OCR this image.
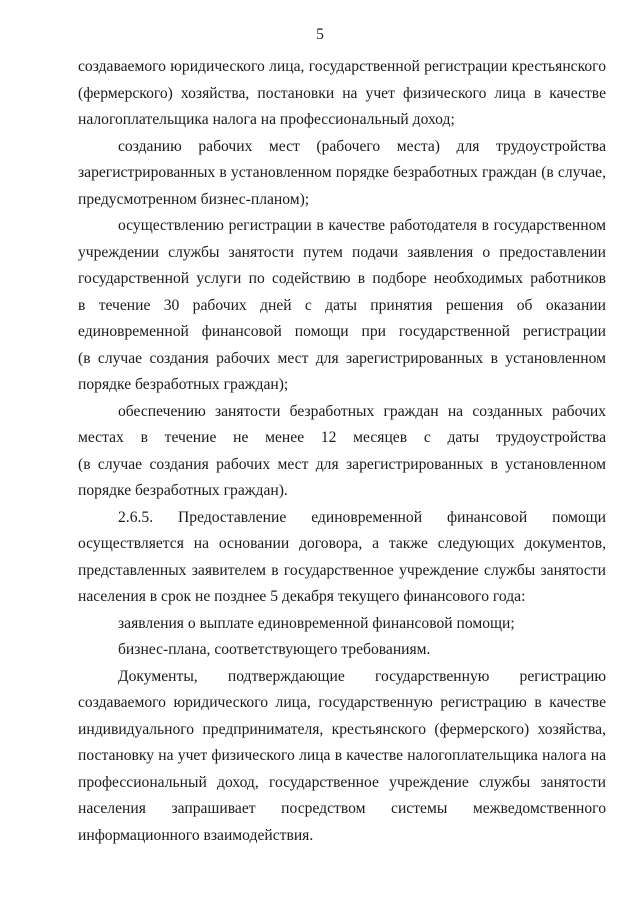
5
создаваемого юридического лица, государственной регистрации крестьянского
(фермерского) хозяйства, постановки на учет физического лица в качестве
налогоплательщика налога на профессиональный доход;
созданию рабочих мест (рабочего места) для трудоустройства
зарегистрированных в установленном порядке безработных граждан (в случае,
предусмотренном бизнес-планом);
осуществлению регистрации в качестве работодателя в государственном
учреждении службы занятости путем подачи заявления о предоставлении
государственной услуги по содействию в подборе необходимых работников
в течение 30 рабочих дней с даты принятия решения об оказании
единовременной финансовой помощи при государственной регистрации
(в случае создания рабочих мест для зарегистрированных в установленном
порядке безработных граждан);
обеспечению занятости безработных граждан на созданных рабочих
местах в течение не менее 12 месяцев с даты трудоустройства
(в случае создания рабочих мест для зарегистрированных в установленном
порядке безработных граждан).
2.6.5. Предоставление единовременной финансовой помощи
осуществляется на основании договора, а также следующих документов,
представленных заявителем в государственное учреждение службы занятости
населения в срок не позднее 5 декабря текущего финансового года:
заявления о выплате единовременной финансовой помощи;
бизнес-плана, соответствующего требованиям.
Документы, подтверждающие государственную регистрацию
создаваемого юридического лица, государственную регистрацию в качестве
индивидуального предпринимателя, крестьянского (фермерского) хозяйства,
постановку на учет физического лица в качестве налогоплательщика налога на
профессиональный доход, государственное учреждение службы занятости
населения запрашивает посредством системы межведомственного
информационного взаимодействия.
